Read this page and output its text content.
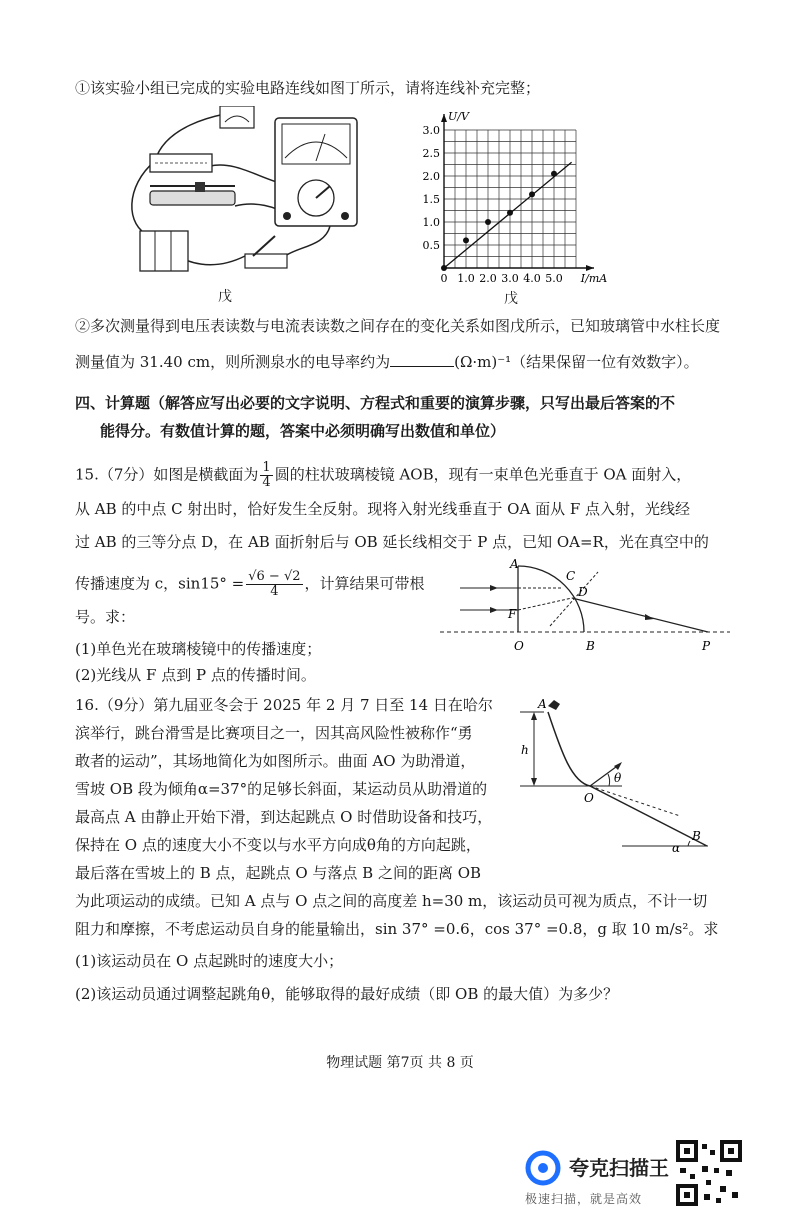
①该实验小组已完成的实验电路连线如图丁所示，请将连线补充完整；
戊
0 1.0 2.0 3.0 4.0 5.0
0.5
1.0
1.5
2.0
2.5
3.0
I/mA
U/V
戊
②多次测量得到电压表读数与电流表读数之间存在的变化关系如图戊所示，已知玻璃管中水柱长度
测量值为 31.40 cm，则所测泉水的电导率约为	(Ω·m)⁻¹（结果保留一位有效数字）。
四、计算题（解答应写出必要的文字说明、方程式和重要的演算步骤，只写出最后答案的不
能得分。有数值计算的题，答案中必须明确写出数值和单位）
15.（7分）如图是横截面为 $\frac{1}{4}$ 圆的柱状玻璃棱镜 AOB，现有一束单色光垂直于 OA 面射入，
从 AB 的中点 C 射出时，恰好发生全反射。现将入射光线垂直于 OA 面从 F 点入射，光线经
过 AB 的三等分点 D，在 AB 面折射后与 OB 延长线相交于 P 点，已知 OA=R，光在真空中的
传播速度为 c，$\sin 15^\circ = \frac{√6 - √2}{4}$ ，计算结果可带根
号。求：
(1)单色光在玻璃棱镜中的传播速度；
(2)光线从 F 点到 P 点的传播时间。
A
C
D
F
O	B	P
16.（9分）第九届亚冬会于 2025 年 2 月 7 日至 14 日在哈尔
滨举行，跳台滑雪是比赛项目之一，因其高风险性被称作“勇
敢者的运动”，其场地简化为如图所示。曲面 AO 为助滑道，
雪坡 OB 段为倾角α=37°的足够长斜面，某运动员从助滑道的
最高点 A 由静止开始下滑，到达起跳点 O 时借助设备和技巧，
保持在 O 点的速度大小不变以与水平方向成θ角的方向起跳，
最后落在雪坡上的 B 点，起跳点 O 与落点 B 之间的距离 OB
为此项运动的成绩。已知 A 点与 O 点之间的高度差 h=30 m，该运动员可视为质点，不计一切
阻力和摩擦，不考虑运动员自身的能量输出，sin 37° =0.6，cos 37° =0.8，g 取 10 m/s²。求
(1)该运动员在 O 点起跳时的速度大小；
(2)该运动员通过调整起跳角θ，能够取得的最好成绩（即 OB 的最大值）为多少？
A
h
O
θ
B
α
物理试题 第7页 共 8 页
夸克扫描王
极速扫描，就是高效
